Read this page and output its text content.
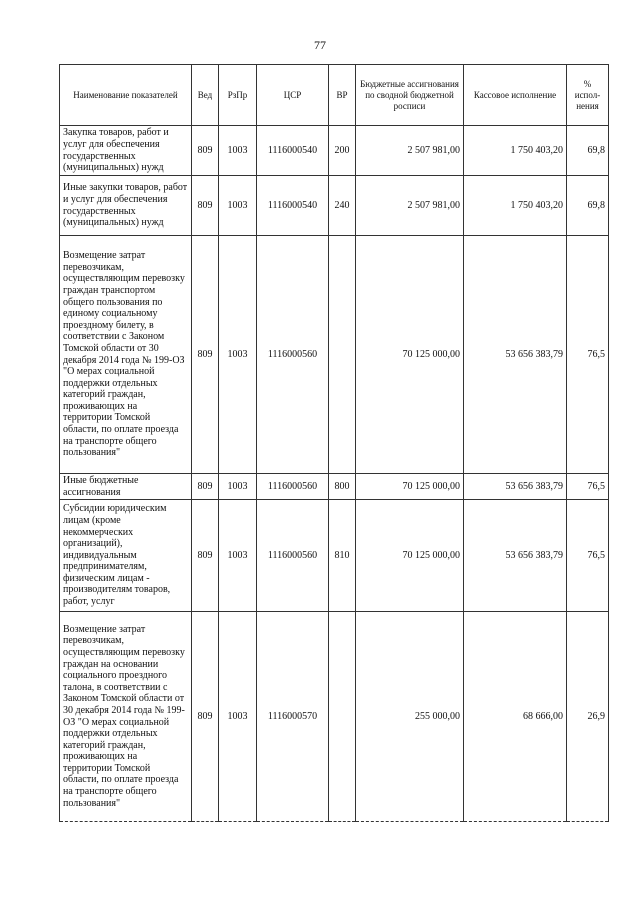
77
Наименование показателей	Вед	РзПр	ЦСР	ВР	Бюджетные ассигнования по сводной бюджетной росписи	Кассовое исполнение	% испол-нения
Закупка товаров, работ и услуг для обеспечения государственных (муниципальных) нужд	809	1003	1116000540	200	2 507 981,00	1 750 403,20	69,8
Иные закупки товаров, работ и услуг для обеспечения государственных (муниципальных) нужд	809	1003	1116000540	240	2 507 981,00	1 750 403,20	69,8
Возмещение затрат перевозчикам, осуществляющим перевозку граждан транспортом общего пользования по единому социальному проездному билету, в соответствии с Законом Томской области от 30 декабря 2014 года № 199-ОЗ "О мерах социальной поддержки отдельных категорий граждан, проживающих на территории Томской области, по оплате проезда на транспорте общего пользования"	809	1003	1116000560		70 125 000,00	53 656 383,79	76,5
Иные бюджетные ассигнования	809	1003	1116000560	800	70 125 000,00	53 656 383,79	76,5
Субсидии юридическим лицам (кроме некоммерческих организаций), индивидуальным предпринимателям, физическим лицам - производителям товаров, работ, услуг	809	1003	1116000560	810	70 125 000,00	53 656 383,79	76,5
Возмещение затрат перевозчикам, осуществляющим перевозку граждан на основании социального проездного талона, в соответствии с Законом Томской области от 30 декабря 2014 года № 199-ОЗ "О мерах социальной поддержки отдельных категорий граждан, проживающих на территории Томской области, по оплате проезда на транспорте общего пользования"	809	1003	1116000570		255 000,00	68 666,00	26,9
